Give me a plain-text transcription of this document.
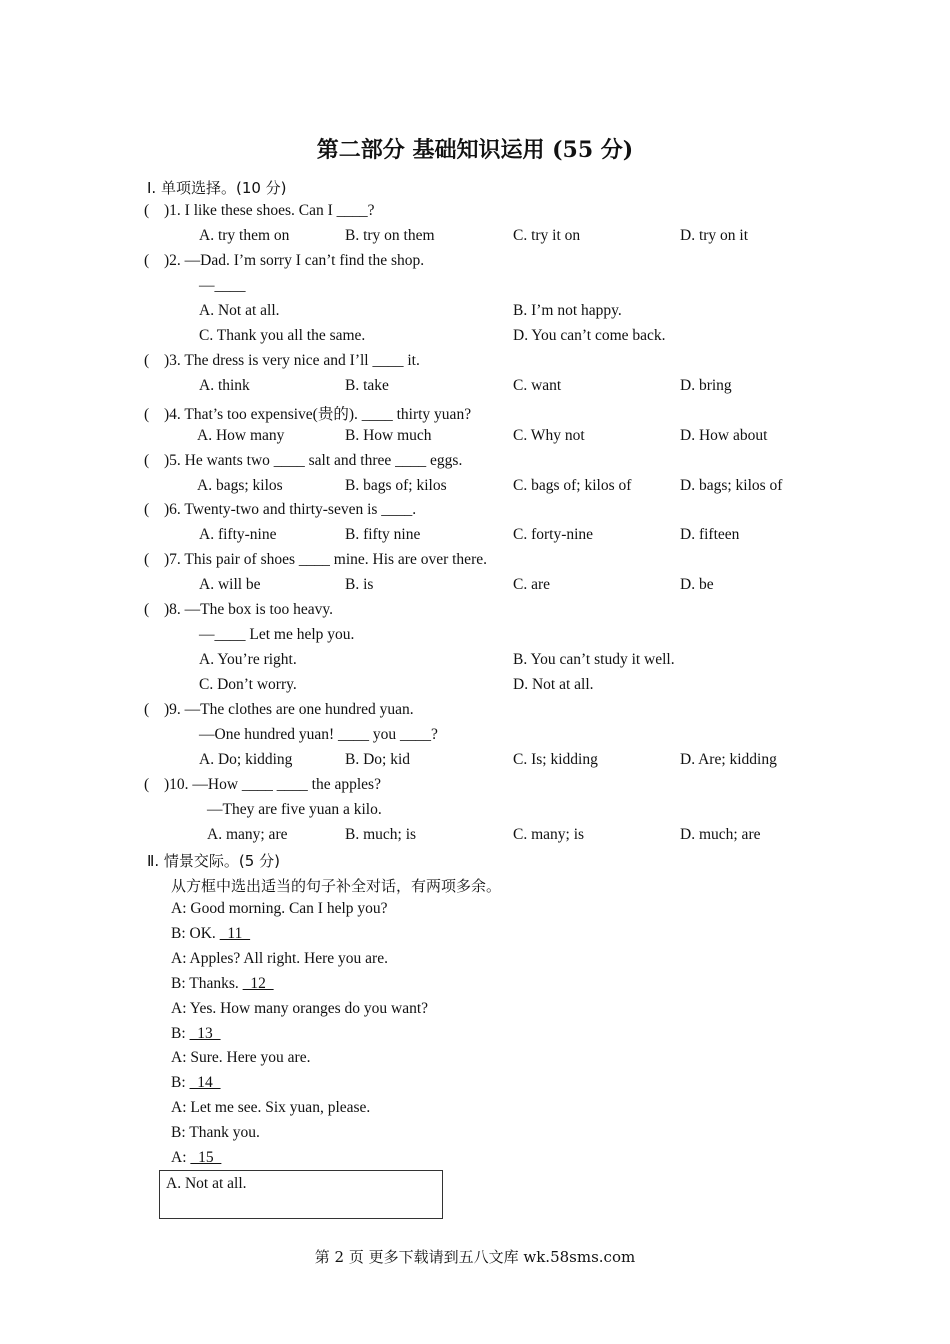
第二部分 基础知识运用 (55 分)
Ⅰ. 单项选择。(10 分)
( )1. I like these shoes. Can I ____?
A. try them on	B. try on them	C. try it on	D. try on it
( )2. —Dad. I’m sorry I can’t find the shop.
—____
A. Not at all.	B. I’m not happy.
C. Thank you all the same.	D. You can’t come back.
( )3. The dress is very nice and I’ll ____ it.
A. think	B. take	C. want	D. bring
( )4. That’s too expensive(贵的). ____ thirty yuan?
A. How many	B. How much	C. Why not	D. How about
( )5. He wants two ____ salt and three ____ eggs.
A. bags; kilos	B. bags of; kilos	C. bags of; kilos of	D. bags; kilos of
( )6. Twenty-two and thirty-seven is ____.
A. fifty-nine	B. fifty nine	C. forty-nine	D. fifteen
( )7. This pair of shoes ____ mine. His are over there.
A. will be	B. is	C. are	D. be
( )8. —The box is too heavy.
—____ Let me help you.
A. You’re right.	B. You can’t study it well.
C. Don’t worry.	D. Not at all.
( )9. —The clothes are one hundred yuan.
—One hundred yuan! ____ you ____?
A. Do; kidding	B. Do; kid	C. Is; kidding	D. Are; kidding
( )10. —How ____ ____ the apples?
—They are five yuan a kilo.
A. many; are	B. much; is	C. many; is	D. much; are
Ⅱ. 情景交际。(5 分)
从方框中选出适当的句子补全对话，有两项多余。
A: Good morning. Can I help you?
B: OK.   11
A: Apples? All right. Here you are.
B: Thanks.   12
A: Yes. How many oranges do you want?
B:   13
A: Sure. Here you are.
B:   14
A: Let me see. Six yuan, please.
B: Thank you.
A:   15
A. Not at all.
第 2 页 更多下载请到五八文库 wk.58sms.com
